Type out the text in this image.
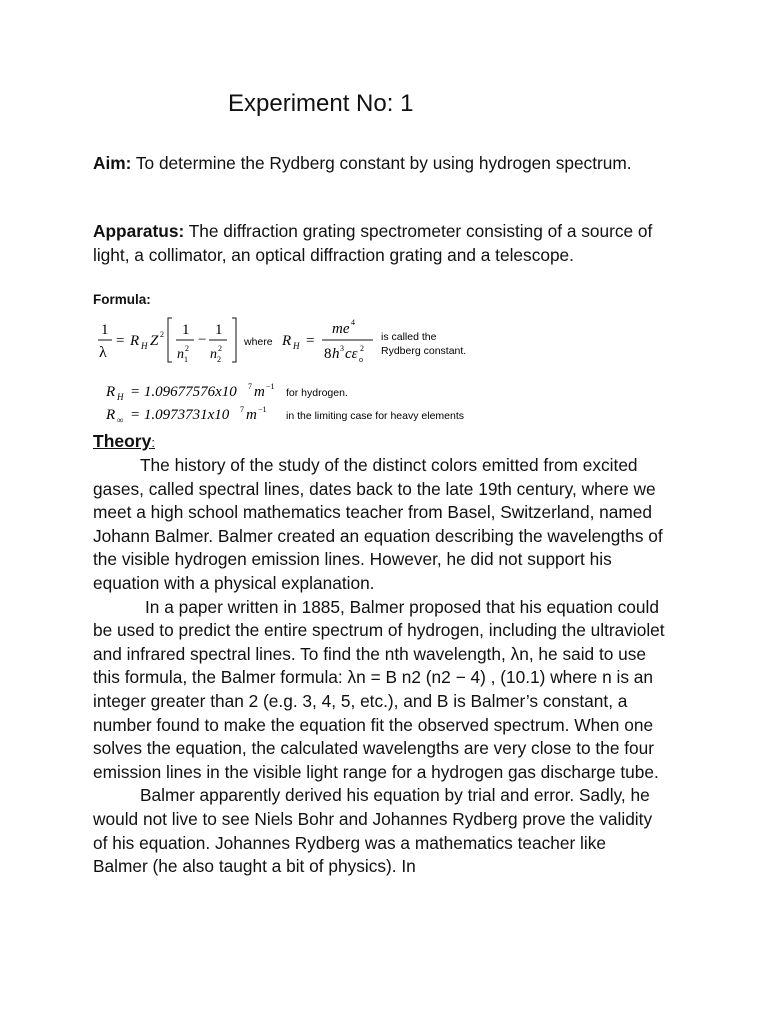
Experiment No: 1
Aim: To determine the Rydberg constant by using hydrogen spectrum.
Apparatus: The diffraction grating spectrometer consisting of a source of light, a collimator, an optical diffraction grating and a telescope.
Formula:
1
λ
= R H Z 2 1
n 2
1
−
1
n 2
2
where R H =
me 4
8 h 3 cε o
2
is called the
Rydberg constant.
R H = 1.09677576x10 7 m −1
for hydrogen.
R ∞ = 1.0973731x10 7 m −1
in the limiting case for heavy elements
Theory:

The history of the study of the distinct colors emitted from excited gases, called spectral lines, dates back to the late 19th century, where we meet a high school mathematics teacher from Basel, Switzerland, named Johann Balmer. Balmer created an equation describing the wavelengths of the visible hydrogen emission lines. However, he did not support his equation with a physical explanation.

In a paper written in 1885, Balmer proposed that his equation could be used to predict the entire spectrum of hydrogen, including the ultraviolet and infrared spectral lines. To find the nth wavelength, λn, he said to use this formula, the Balmer formula: λn = B n2 (n2 − 4) , (10.1) where n is an integer greater than 2 (e.g. 3, 4, 5, etc.), and B is Balmer’s constant, a number found to make the equation fit the observed spectrum. When one solves the equation, the calculated wavelengths are very close to the four emission lines in the visible light range for a hydrogen gas discharge tube.

Balmer apparently derived his equation by trial and error. Sadly, he would not live to see Niels Bohr and Johannes Rydberg prove the validity of his equation. Johannes Rydberg was a mathematics teacher like Balmer (he also taught a bit of physics). In
